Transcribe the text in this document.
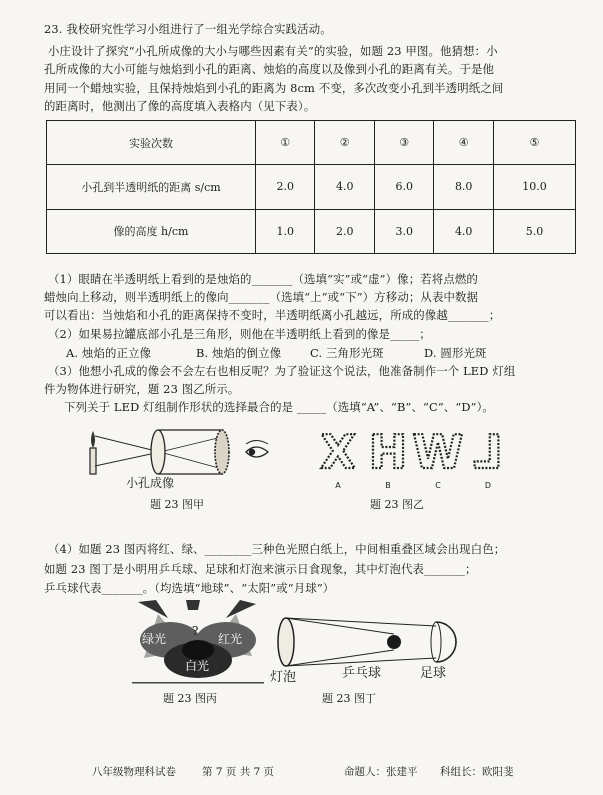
23. 我校研究性学习小组进行了一组光学综合实践活动。
小庄设计了探究“小孔所成像的大小与哪些因素有关”的实验，如题 23 甲图。他猜想：小
孔所成像的大小可能与烛焰到小孔的距离、烛焰的高度以及像到小孔的距离有关。于是他
用同一个蜡烛实验，且保持烛焰到小孔的距离为 8cm 不变，多次改变小孔到半透明纸之间
的距离时，他测出了像的高度填入表格内（见下表）。
实验次数	①	②	③	④	⑤
小孔到半透明纸的距离 s/cm	2.0	4.0	6.0	8.0	10.0
像的高度 h/cm	1.0	2.0	3.0	4.0	5.0
（1）眼睛在半透明纸上看到的是烛焰的_______（选填“实”或“虚”）像；若将点燃的
蜡烛向上移动，则半透明纸上的像向_______（选填“上”或“下”）方移动；从表中数据
可以看出：当烛焰和小孔的距离保持不变时，半透明纸离小孔越远，所成的像越_______；
（2）如果易拉罐底部小孔是三角形，则他在半透明纸上看到的像是_____；
A. 烛焰的正立像	B. 烛焰的倒立像	C. 三角形光斑	D. 圆形光斑
（3）他想小孔成的像会不会左右也相反呢？为了验证这个说法，他准备制作一个 LED 灯组
件为物体进行研究，题 23 图乙所示。
下列关于 LED 灯组制作形状的选择最合的是 _____（选填“A”、“B”、“C”、“D”）。
小孔成像
题 23 图甲
X
A
H
B
W
C
L
D
题 23 图乙
（4）如题 23 图丙将红、绿、________三种色光照白纸上，中间相重叠区域会出现白色；
如题 23 图丁是小明用乒乓球、足球和灯泡来演示日食现象，其中灯泡代表_______；
乒乓球代表_______。（均选填“地球”、“太阳”或“月球”）
绿光	红光
?
白光
题 23 图丙
灯泡	乒乓球	足球
题 23 图丁
八年级物理科试卷 第 7 页 共 7 页	命题人：张建平 科组长：欧阳斐
